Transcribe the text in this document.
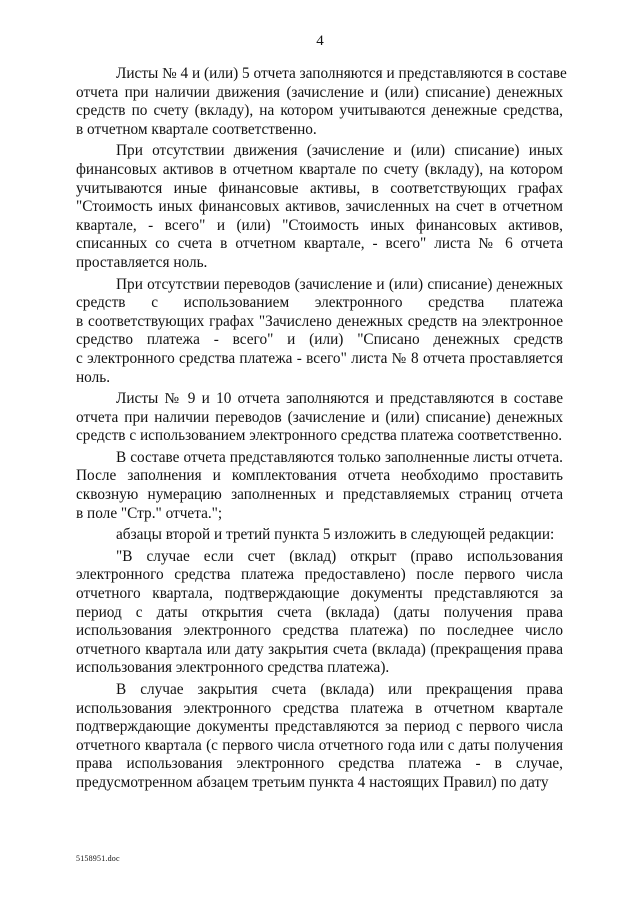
4
Листы № 4 и (или) 5 отчета заполняются и представляются в составе
отчета при наличии движения (зачисление и (или) списание) денежных
средств по счету (вкладу), на котором учитываются денежные средства,
в отчетном квартале соответственно.
При отсутствии движения (зачисление и (или) списание) иных
финансовых активов в отчетном квартале по счету (вкладу), на котором
учитываются иные финансовые активы, в соответствующих графах
"Стоимость иных финансовых активов, зачисленных на счет в отчетном
квартале, - всего" и (или) "Стоимость иных финансовых активов,
списанных со счета в отчетном квартале, - всего" листа № 6 отчета
проставляется ноль.
При отсутствии переводов (зачисление и (или) списание) денежных
средств с использованием электронного средства платежа
в соответствующих графах "Зачислено денежных средств на электронное
средство платежа - всего" и (или) "Списано денежных средств
с электронного средства платежа - всего" листа № 8 отчета проставляется
ноль.
Листы № 9 и 10 отчета заполняются и представляются в составе
отчета при наличии переводов (зачисление и (или) списание) денежных
средств с использованием электронного средства платежа соответственно.
В составе отчета представляются только заполненные листы отчета.
После заполнения и комплектования отчета необходимо проставить
сквозную нумерацию заполненных и представляемых страниц отчета
в поле "Стр." отчета.";
абзацы второй и третий пункта 5 изложить в следующей редакции:
"В случае если счет (вклад) открыт (право использования
электронного средства платежа предоставлено) после первого числа
отчетного квартала, подтверждающие документы представляются за
период с даты открытия счета (вклада) (даты получения права
использования электронного средства платежа) по последнее число
отчетного квартала или дату закрытия счета (вклада) (прекращения права
использования электронного средства платежа).
В случае закрытия счета (вклада) или прекращения права
использования электронного средства платежа в отчетном квартале
подтверждающие документы представляются за период с первого числа
отчетного квартала (с первого числа отчетного года или с даты получения
права использования электронного средства платежа - в случае,
предусмотренном абзацем третьим пункта 4 настоящих Правил) по дату
5158951.doc
